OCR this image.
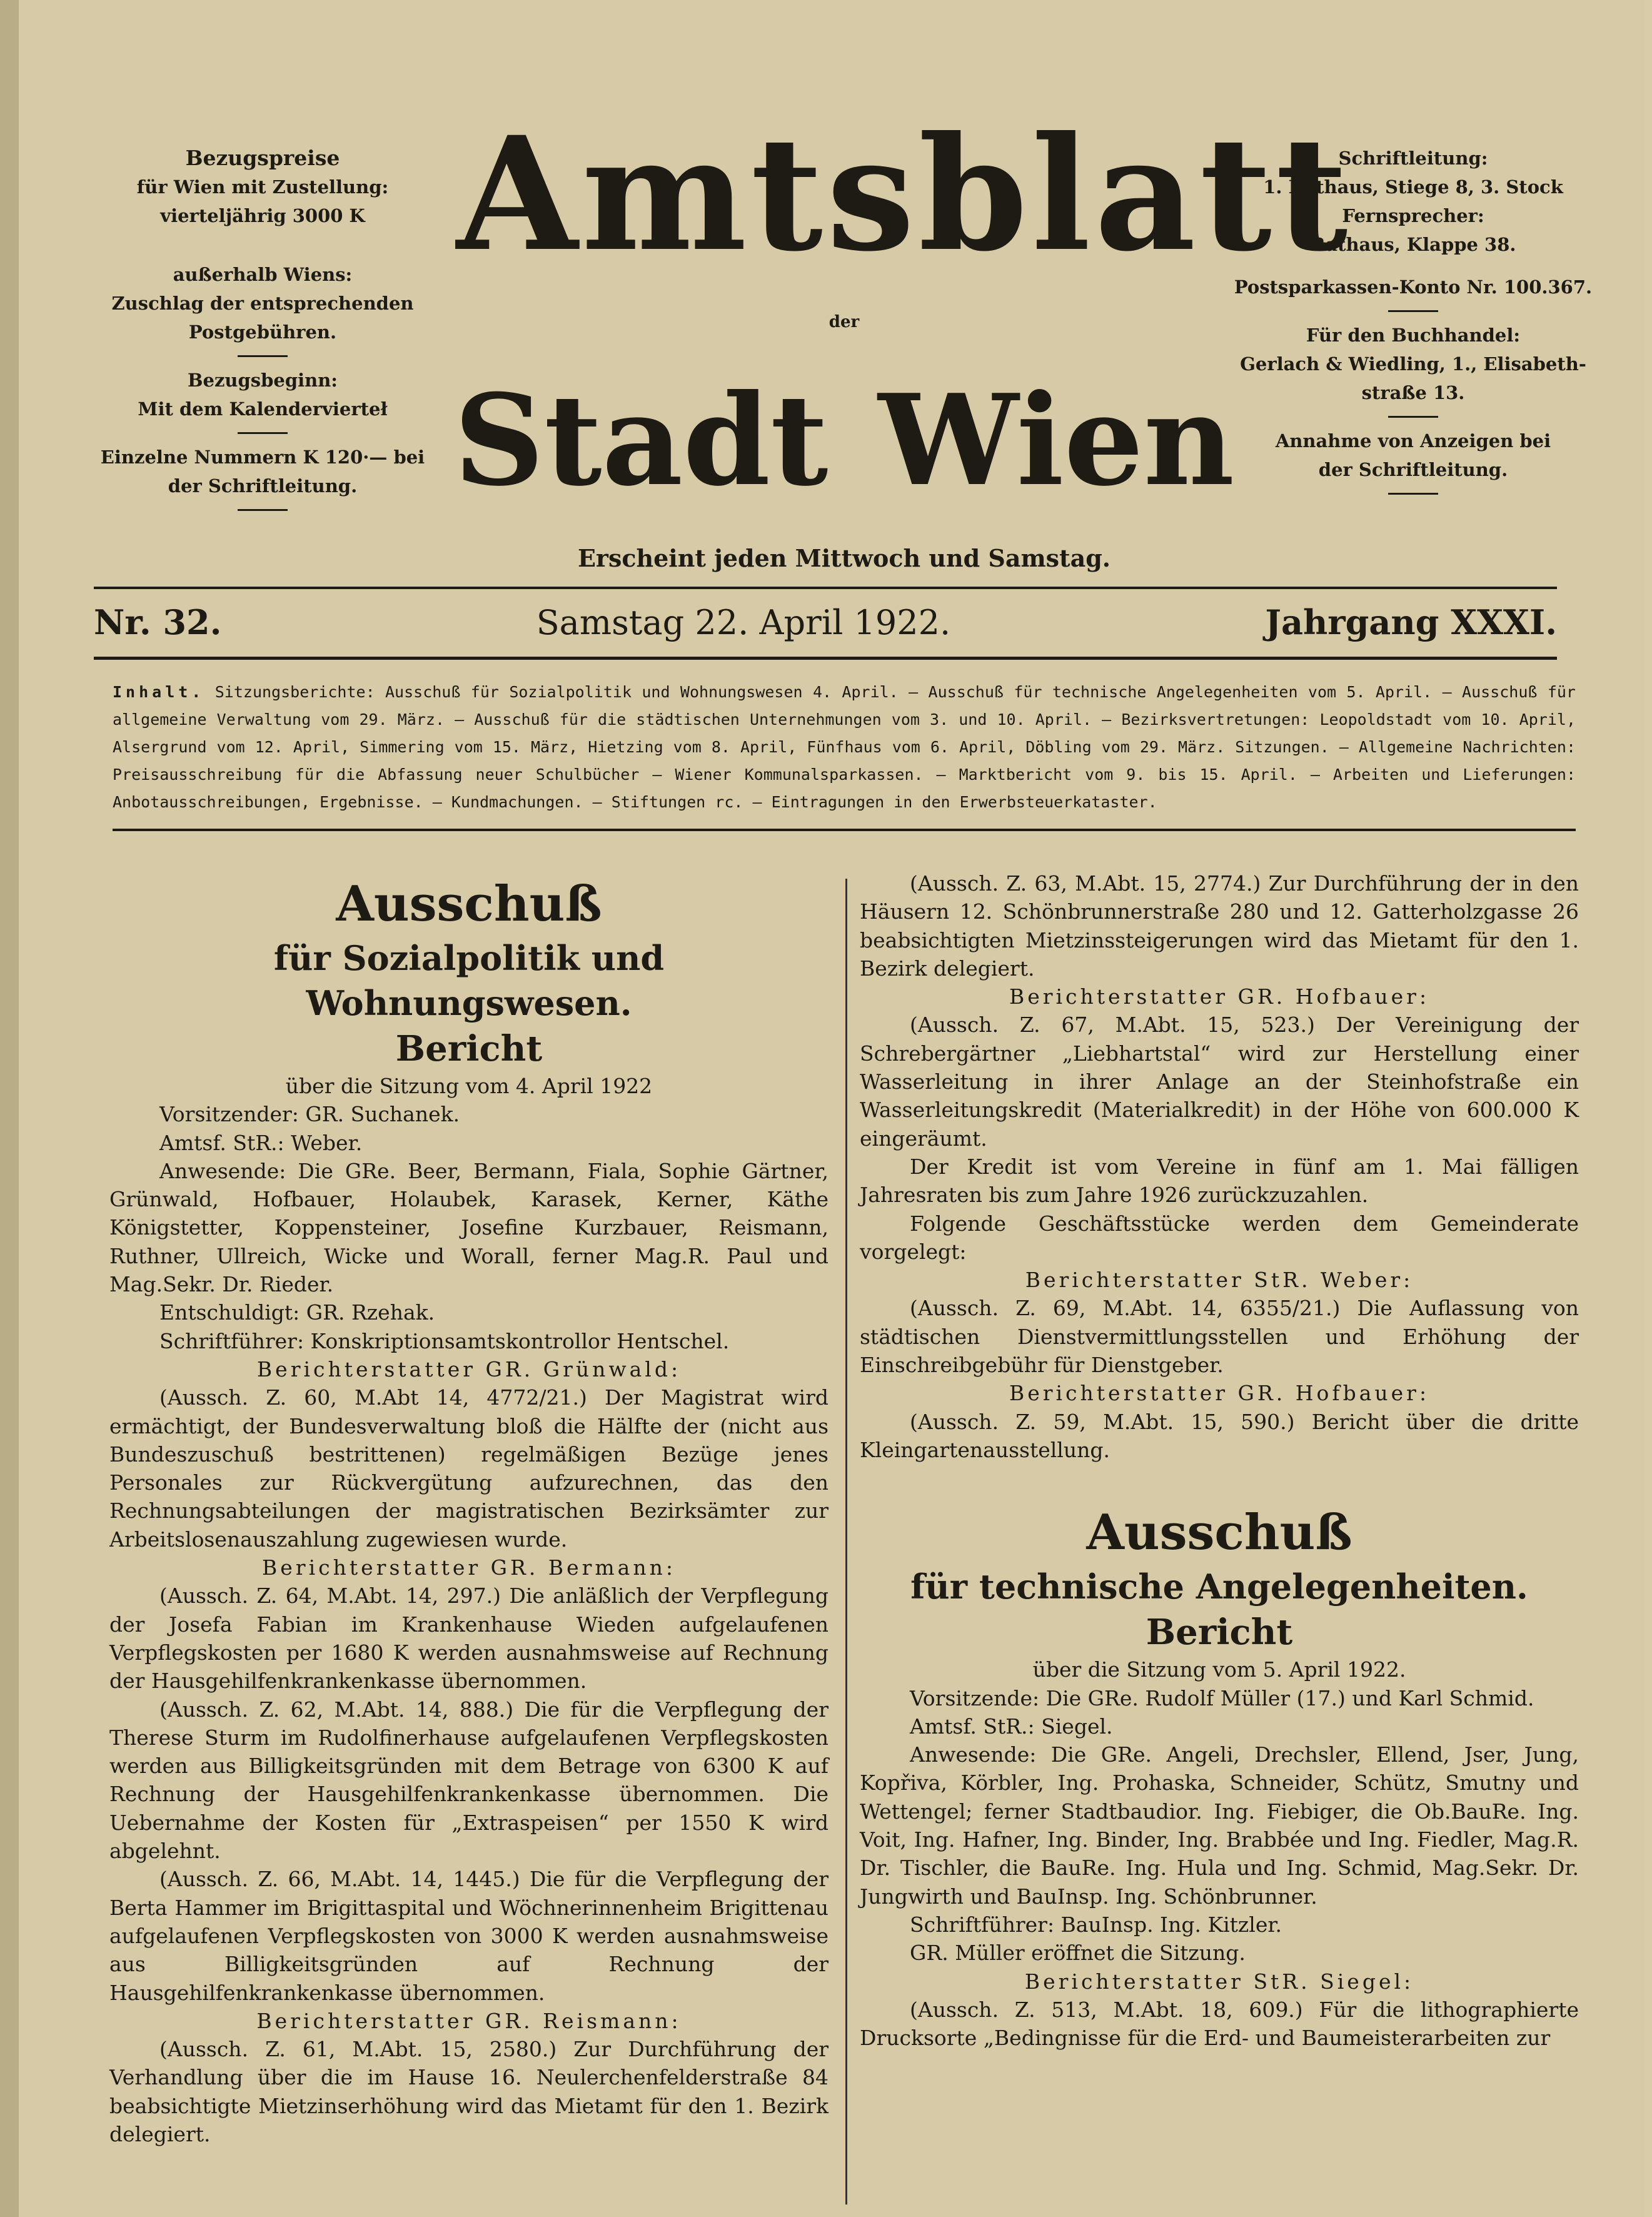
Bezugspreise
für Wien mit Zustellung:
vierteljährig 3000 K
außerhalb Wiens:
Zuschlag der entsprechenden
Postgebühren.
Bezugsbeginn:
Mit dem Kalendervierteł
Einzelne Nummern K 120·— bei
der Schriftleitung.
Amtsblatt
der
Stadt Wien
Erscheint jeden Mittwoch und Samstag.
Schriftleitung:
1. Rathaus, Stiege 8, 3. Stock
Fernsprecher:
Rathaus, Klappe 38.
Postsparkassen-Konto Nr. 100.367.
Für den Buchhandel:
Gerlach & Wiedling, 1., Elisabeth-
straße 13.
Annahme von Anzeigen bei
der Schriftleitung.
Nr. 32.	Samstag 22. April 1922.	Jahrgang XXXI.
Inhalt. Sitzungsberichte: Ausschuß für Sozialpolitik und Wohnungswesen 4. April. — Ausschuß für technische Angelegenheiten vom 5. April. — Ausschuß für allgemeine Verwaltung vom 29. März. — Ausschuß für die städtischen Unternehmungen vom 3. und 10. April. — Bezirksvertretungen: Leopoldstadt vom 10. April, Alsergrund vom 12. April, Simmering vom 15. März, Hietzing vom 8. April, Fünfhaus vom 6. April, Döbling vom 29. März. Sitzungen. — Allgemeine Nachrichten: Preisausschreibung für die Abfassung neuer Schulbücher — Wiener Kommunalsparkassen. — Marktbericht vom 9. bis 15. April. — Arbeiten und Lieferungen: Anbotausschreibungen, Ergebnisse. — Kundmachungen. — Stiftungen rc. — Eintragungen in den Erwerbsteuerkataster.
Ausschuß
für Sozialpolitik und Wohnungswesen.
Bericht

über die Sitzung vom 4. April 1922

Vorsitzender: GR. Suchanek.

Amtsf. StR.: Weber.

Anwesende: Die GRe. Beer, Bermann, Fiala, Sophie Gärtner, Grünwald, Hofbauer, Holaubek, Karasek, Kerner, Käthe Königstetter, Koppensteiner, Josefine Kurzbauer, Reismann, Ruthner, Ullreich, Wicke und Worall, ferner Mag.R. Paul und Mag.Sekr. Dr. Rieder.

Entschuldigt: GR. Rzehak.

Schriftführer: Konskriptionsamtskontrollor Hentschel.

Berichterstatter GR. Grünwald:

(Aussch. Z. 60, M.Abt 14, 4772/21.) Der Magistrat wird ermächtigt, der Bundesverwaltung bloß die Hälfte der (nicht aus Bundeszuschuß bestrittenen) regelmäßigen Bezüge jenes Personales zur Rückvergütung aufzurechnen, das den Rechnungsabteilungen der magistratischen Bezirksämter zur Arbeitslosenauszahlung zugewiesen wurde.

Berichterstatter GR. Bermann:

(Aussch. Z. 64, M.Abt. 14, 297.) Die anläßlich der Verpflegung der Josefa Fabian im Krankenhause Wieden aufgelaufenen Verpflegskosten per 1680 K werden ausnahmsweise auf Rechnung der Hausgehilfenkrankenkasse übernommen.

(Aussch. Z. 62, M.Abt. 14, 888.) Die für die Verpflegung der Therese Sturm im Rudolfinerhause aufgelaufenen Verpflegskosten werden aus Billigkeitsgründen mit dem Betrage von 6300 K auf Rechnung der Hausgehilfenkrankenkasse übernommen. Die Uebernahme der Kosten für „Extraspeisen“ per 1550 K wird abgelehnt.

(Aussch. Z. 66, M.Abt. 14, 1445.) Die für die Verpflegung der Berta Hammer im Brigittaspital und Wöchnerinnenheim Brigittenau aufgelaufenen Verpflegskosten von 3000 K werden ausnahmsweise aus Billigkeitsgründen auf Rechnung der Hausgehilfenkrankenkasse übernommen.

Berichterstatter GR. Reismann:

(Aussch. Z. 61, M.Abt. 15, 2580.) Zur Durchführung der Verhandlung über die im Hause 16. Neulerchenfelderstraße 84 beabsichtigte Mietzinserhöhung wird das Mietamt für den 1. Bezirk delegiert.

(Aussch. Z. 63, M.Abt. 15, 2774.) Zur Durchführung der in den Häusern 12. Schönbrunnerstraße 280 und 12. Gatterholzgasse 26 beabsichtigten Mietzinssteigerungen wird das Mietamt für den 1. Bezirk delegiert.

Berichterstatter GR. Hofbauer:

(Aussch. Z. 67, M.Abt. 15, 523.) Der Vereinigung der Schrebergärtner „Liebhartstal“ wird zur Herstellung einer Wasserleitung in ihrer Anlage an der Steinhofstraße ein Wasserleitungskredit (Materialkredit) in der Höhe von 600.000 K eingeräumt.

Der Kredit ist vom Vereine in fünf am 1. Mai fälligen Jahresraten bis zum Jahre 1926 zurückzuzahlen.

Folgende Geschäftsstücke werden dem Gemeinderate vorgelegt:

Berichterstatter StR. Weber:

(Aussch. Z. 69, M.Abt. 14, 6355/21.) Die Auflassung von städtischen Dienstvermittlungsstellen und Erhöhung der Einschreibgebühr für Dienstgeber.

Berichterstatter GR. Hofbauer:

(Aussch. Z. 59, M.Abt. 15, 590.) Bericht über die dritte Kleingartenausstellung.

Ausschuß
für technische Angelegenheiten.
Bericht

über die Sitzung vom 5. April 1922.

Vorsitzende: Die GRe. Rudolf Müller (17.) und Karl Schmid.

Amtsf. StR.: Siegel.

Anwesende: Die GRe. Angeli, Drechsler, Ellend, Jser, Jung, Kopřiva, Körbler, Ing. Prohaska, Schneider, Schütz, Smutny und Wettengel; ferner Stadtbaudior. Ing. Fiebiger, die Ob.BauRe. Ing. Voit, Ing. Hafner, Ing. Binder, Ing. Brabbée und Ing. Fiedler, Mag.R. Dr. Tischler, die BauRe. Ing. Hula und Ing. Schmid, Mag.Sekr. Dr. Jungwirth und BauInsp. Ing. Schönbrunner.

Schriftführer: BauInsp. Ing. Kitzler.

GR. Müller eröffnet die Sitzung.

Berichterstatter StR. Siegel:

(Aussch. Z. 513, M.Abt. 18, 609.) Für die lithographierte Drucksorte „Bedingnisse für die Erd- und Baumeisterarbeiten zur
